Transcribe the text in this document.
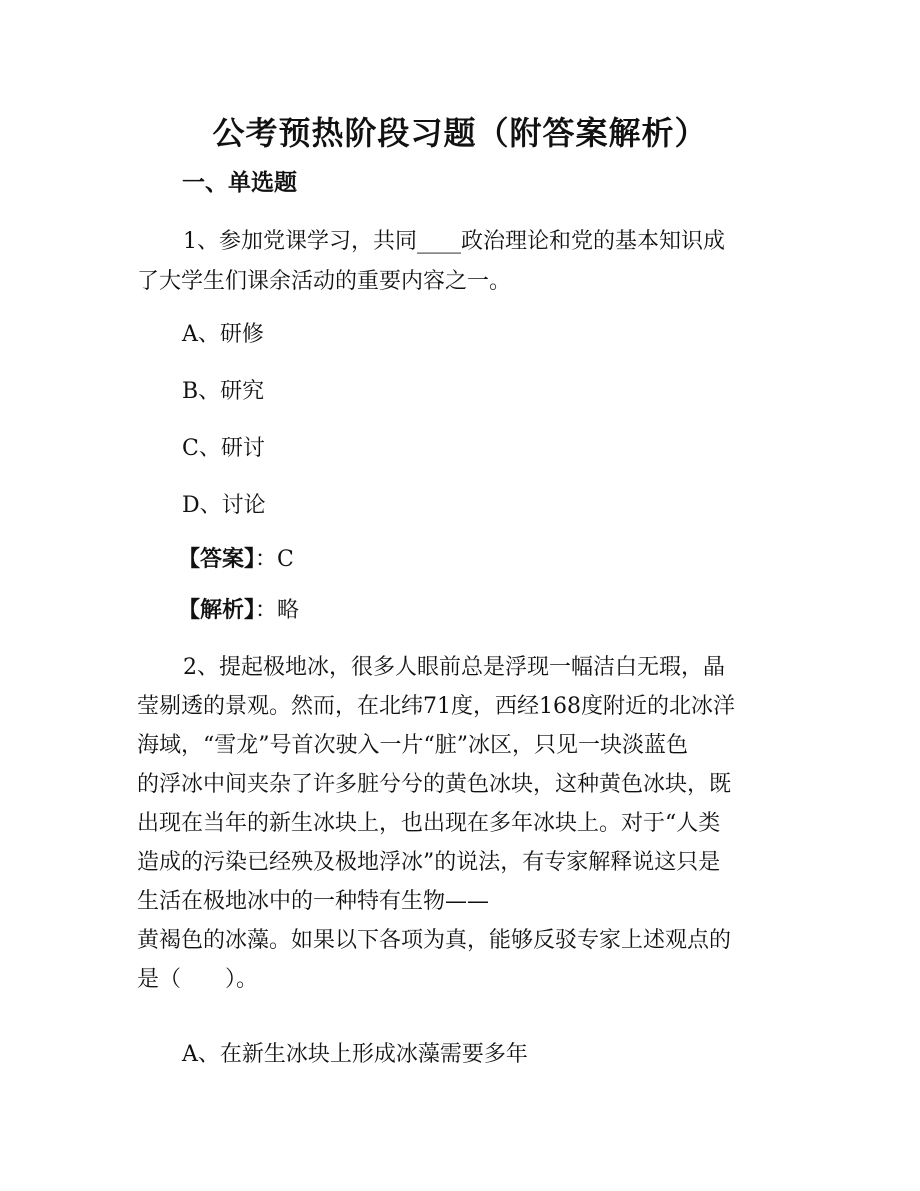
公考预热阶段习题（附答案解析）
一、单选题
1、参加党课学习，共同____政治理论和党的基本知识成
了大学生们课余活动的重要内容之一。
A、研修
B、研究
C、研讨
D、讨论
【答案】：C
【解析】：略
2、提起极地冰，很多人眼前总是浮现一幅洁白无瑕，晶
莹剔透的景观。然而，在北纬71度，西经168度附近的北冰洋
海域，“雪龙”号首次驶入一片“脏”冰区，只见一块淡蓝色
的浮冰中间夹杂了许多脏兮兮的黄色冰块，这种黄色冰块，既
出现在当年的新生冰块上，也出现在多年冰块上。对于“人类
造成的污染已经殃及极地浮冰”的说法，有专家解释说这只是
生活在极地冰中的一种特有生物——
黄褐色的冰藻。如果以下各项为真，能够反驳专家上述观点的
是（　　）。
A、在新生冰块上形成冰藻需要多年
